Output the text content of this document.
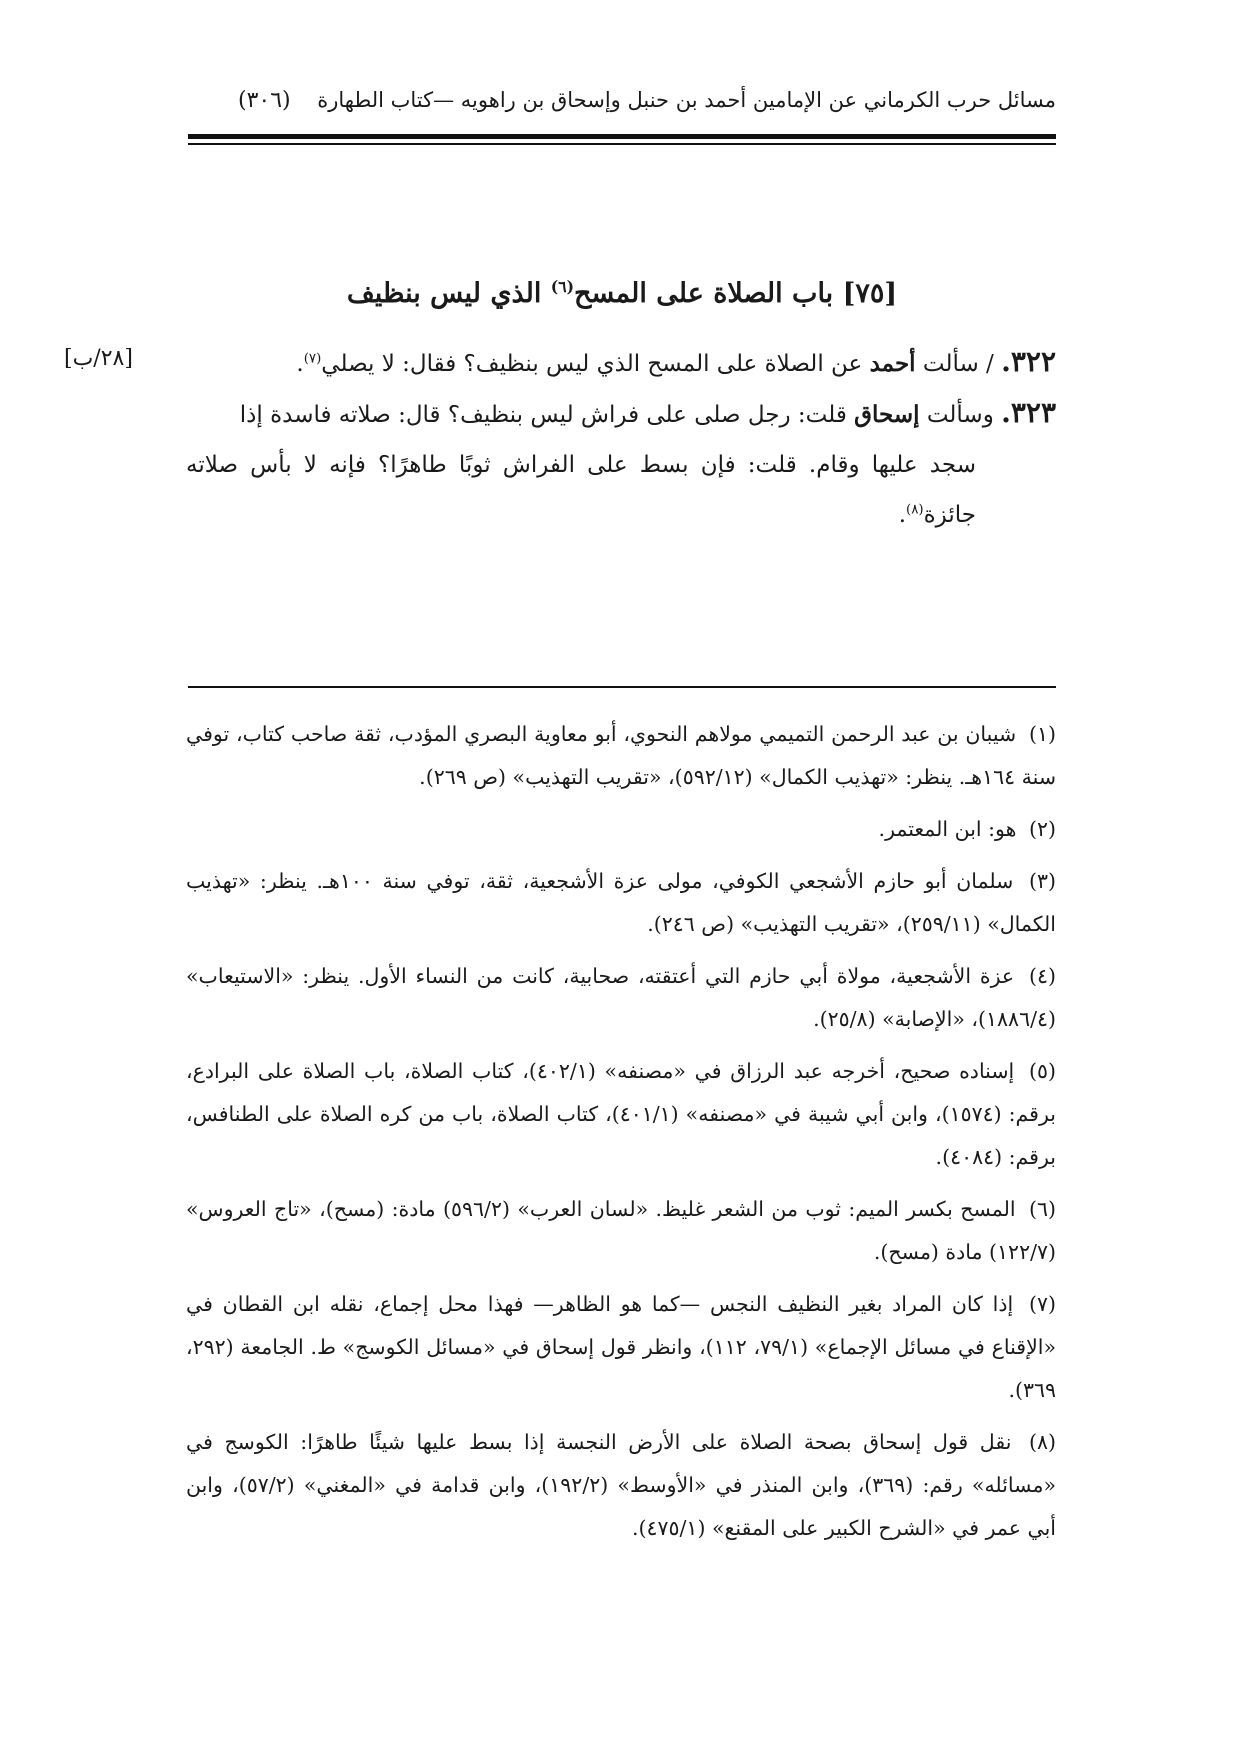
مسائل حرب الكرماني عن الإمامين أحمد بن حنبل وإسحاق بن راهويه —كتاب الطهارة
(٣٠٦)
[٧٥] باب الصلاة على المسح$^{(٦)}$ الذي ليس بنظيف
[٢٨/ب]	٣٢٢. / سألت أحمد عن الصلاة على المسح الذي ليس بنظيف؟ فقال: لا يصلي$^{(٧)}$.
٣٢٣. وسألت إسحاق قلت: رجل صلى على فراش ليس بنظيف؟ قال: صلاته فاسدة إذا
سجد عليها وقام. قلت: فإن بسط على الفراش ثوبًا طاهرًا؟ فإنه لا بأس صلاته جائزة$^{(٨)}$.
(١) شيبان بن عبد الرحمن التميمي مولاهم النحوي، أبو معاوية البصري المؤدب، ثقة صاحب كتاب، توفي سنة ١٦٤هـ. ينظر: «تهذيب الكمال» (٥٩٢/١٢)، «تقريب التهذيب» (ص ٢٦٩).
(٢) هو: ابن المعتمر.
(٣) سلمان أبو حازم الأشجعي الكوفي، مولى عزة الأشجعية، ثقة، توفي سنة ١٠٠هـ. ينظر: «تهذيب الكمال» (٢٥٩/١١)، «تقريب التهذيب» (ص ٢٤٦).
(٤) عزة الأشجعية، مولاة أبي حازم التي أعتقته، صحابية، كانت من النساء الأول. ينظر: «الاستيعاب» (١٨٨٦/٤)، «الإصابة» (٢٥/٨).
(٥) إسناده صحيح، أخرجه عبد الرزاق في «مصنفه» (٤٠٢/١)، كتاب الصلاة، باب الصلاة على البرادع، برقم: (١٥٧٤)، وابن أبي شيبة في «مصنفه» (٤٠١/١)، كتاب الصلاة، باب من كره الصلاة على الطنافس، برقم: (٤٠٨٤).
(٦) المسح بكسر الميم: ثوب من الشعر غليظ. «لسان العرب» (٥٩٦/٢) مادة: (مسح)، «تاج العروس» (١٢٢/٧) مادة (مسح).
(٧) إذا كان المراد بغير النظيف النجس —كما هو الظاهر— فهذا محل إجماع، نقله ابن القطان في «الإقناع في مسائل الإجماع» (٧٩/١، ١١٢)، وانظر قول إسحاق في «مسائل الكوسج» ط. الجامعة (٢٩٢، ٣٦٩).
(٨) نقل قول إسحاق بصحة الصلاة على الأرض النجسة إذا بسط عليها شيئًا طاهرًا: الكوسج في «مسائله» رقم: (٣٦٩)، وابن المنذر في «الأوسط» (١٩٢/٢)، وابن قدامة في «المغني» (٥٧/٢)، وابن أبي عمر في «الشرح الكبير على المقنع» (٤٧٥/١).
